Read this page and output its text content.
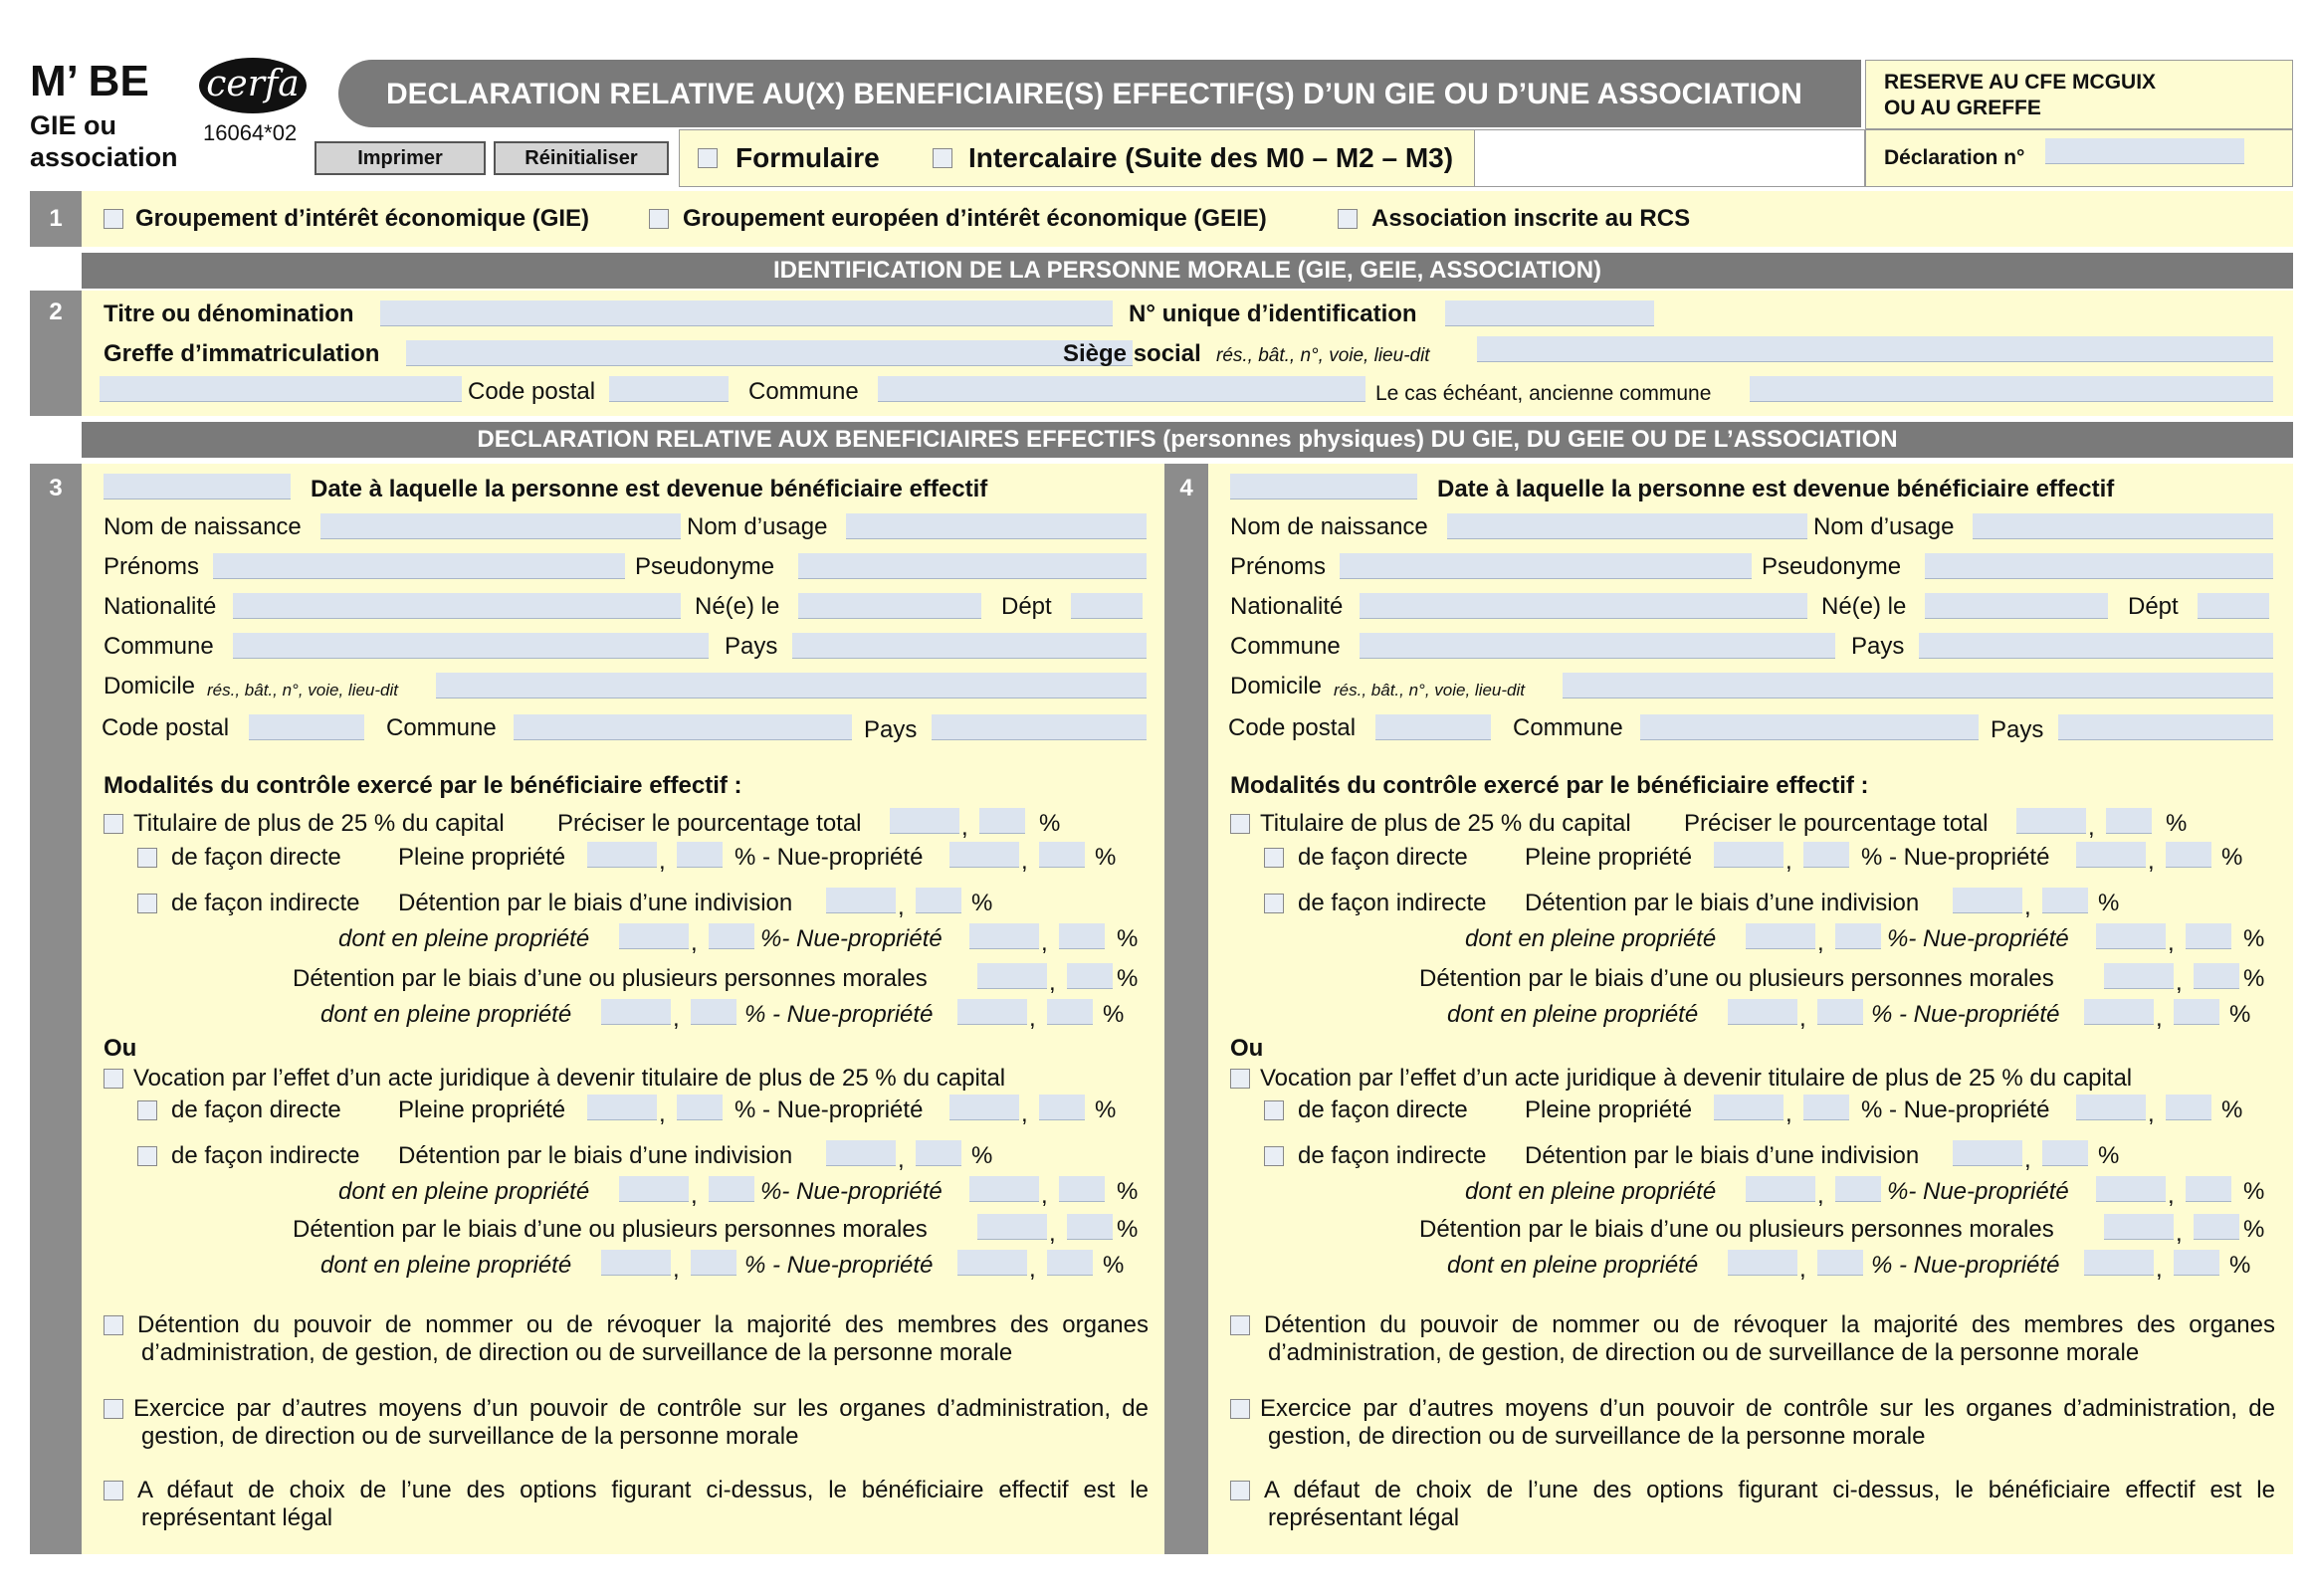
M’ BE
GIE ou
association
cerfa
16064*02
DECLARATION RELATIVE AU(X) BENEFICIAIRE(S) EFFECTIF(S) D’UN GIE OU D’UNE ASSOCIATION	RESERVE AU CFE MCGUIX
OU AU GREFFE
Déclaration n°
Imprimer	Réinitialiser	Formulaire	Intercalaire (Suite des M0 – M2 – M3)
1	Groupement d’intérêt économique (GIE)	Groupement européen d’intérêt économique (GEIE)	Association inscrite au RCS
IDENTIFICATION DE LA PERSONNE MORALE (GIE, GEIE, ASSOCIATION)
2	Titre ou dénomination	N° unique d’identification
Greffe d’immatriculation	Siège social rés., bât., n°, voie, lieu-dit
Code postal	Commune	Le cas échéant, ancienne commune
DECLARATION RELATIVE AUX BENEFICIAIRES EFFECTIFS (personnes physiques) DU GIE, DU GEIE OU DE L’ASSOCIATION
3	Date à laquelle la personne est devenue bénéficiaire effectif
Nom de naissance	Nom d’usage
Prénoms	Pseudonyme
Nationalité	Né(e) le	Dépt
Commune	Pays
Domicile rés., bât., n°, voie, lieu-dit
Code postal	Commune	Pays
Modalités du contrôle exercé par le bénéficiaire effectif :
Titulaire de plus de 25 % du capital Préciser le pourcentage total	,	%
de façon directe Pleine propriété	,	% - Nue-propriété	,	%
de façon indirecte Détention par le biais d’une indivision	,	%
dont en pleine propriété	,	%- Nue-propriété	,	%
Détention par le biais d’une ou plusieurs personnes morales	,	%
dont en pleine propriété	,	% - Nue-propriété	,	%
Ou
Vocation par l’effet d’un acte juridique à devenir titulaire de plus de 25 % du capital
de façon directe Pleine propriété	,	% - Nue-propriété	,	%
de façon indirecte Détention par le biais d’une indivision	,	%
dont en pleine propriété	,	%- Nue-propriété	,	%
Détention par le biais d’une ou plusieurs personnes morales	,	%
dont en pleine propriété	,	% - Nue-propriété	,	%
Détention du pouvoir de nommer ou de révoquer la majorité des membres des organes
d’administration, de gestion, de direction ou de surveillance de la personne morale
Exercice par d’autres moyens d’un pouvoir de contrôle sur les organes d’administration, de
gestion, de direction ou de surveillance de la personne morale
A défaut de choix de l’une des options figurant ci-dessus, le bénéficiaire effectif est le
représentant légal
4	Date à laquelle la personne est devenue bénéficiaire effectif
Nom de naissance	Nom d’usage
Prénoms	Pseudonyme
Nationalité	Né(e) le	Dépt
Commune	Pays
Domicile rés., bât., n°, voie, lieu-dit
Code postal	Commune	Pays
Modalités du contrôle exercé par le bénéficiaire effectif :
Titulaire de plus de 25 % du capital Préciser le pourcentage total	,	%
de façon directe Pleine propriété	,	% - Nue-propriété	,	%
de façon indirecte Détention par le biais d’une indivision	,	%
dont en pleine propriété	,	%- Nue-propriété	,	%
Détention par le biais d’une ou plusieurs personnes morales	,	%
dont en pleine propriété	,	% - Nue-propriété	,	%
Ou
Vocation par l’effet d’un acte juridique à devenir titulaire de plus de 25 % du capital
de façon directe Pleine propriété	,	% - Nue-propriété	,	%
de façon indirecte Détention par le biais d’une indivision	,	%
dont en pleine propriété	,	%- Nue-propriété	,	%
Détention par le biais d’une ou plusieurs personnes morales	,	%
dont en pleine propriété	,	% - Nue-propriété	,	%
Détention du pouvoir de nommer ou de révoquer la majorité des membres des organes
d’administration, de gestion, de direction ou de surveillance de la personne morale
Exercice par d’autres moyens d’un pouvoir de contrôle sur les organes d’administration, de
gestion, de direction ou de surveillance de la personne morale
A défaut de choix de l’une des options figurant ci-dessus, le bénéficiaire effectif est le
représentant légal
